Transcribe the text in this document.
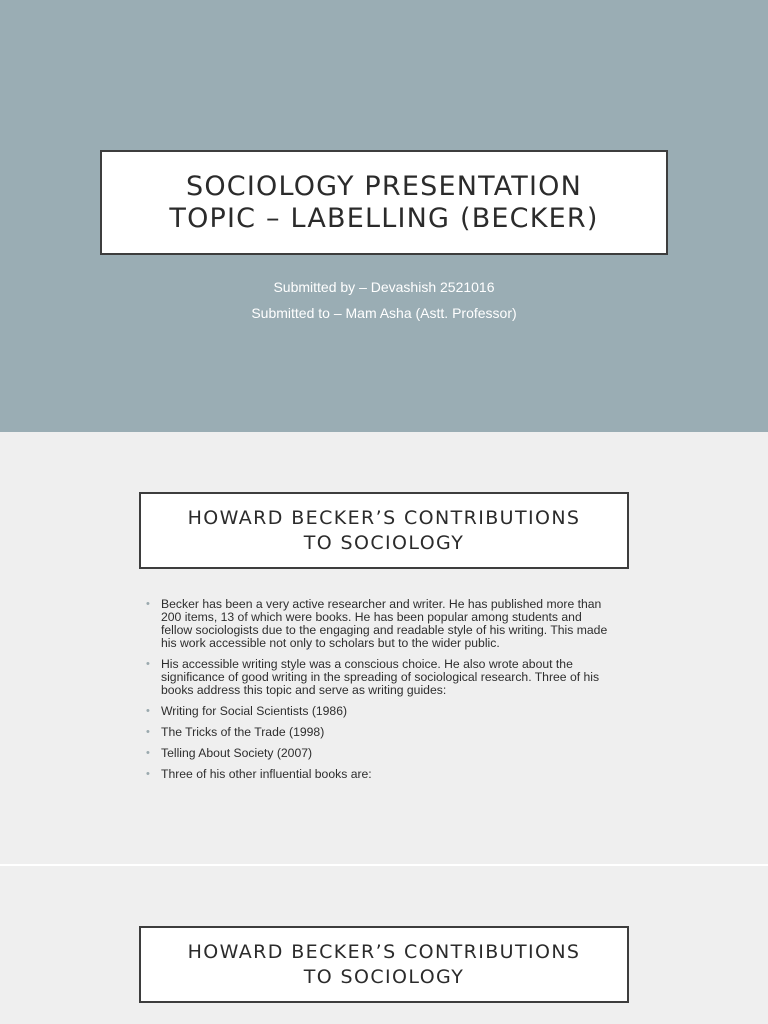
SOCIOLOGY PRESENTATION
TOPIC – LABELLING (BECKER)
Submitted by – Devashish 2521016
Submitted to – Mam Asha (Astt. Professor)
HOWARD BECKER’S CONTRIBUTIONS
TO SOCIOLOGY
• Becker has been a very active researcher and writer. He has published more than 200 items, 13 of which were books. He has been popular among students and fellow sociologists due to the engaging and readable style of his writing. This made his work accessible not only to scholars but to the wider public.
• His accessible writing style was a conscious choice. He also wrote about the significance of good writing in the spreading of sociological research. Three of his books address this topic and serve as writing guides:
• Writing for Social Scientists (1986)
• The Tricks of the Trade (1998)
• Telling About Society (2007)
• Three of his other influential books are:
HOWARD BECKER’S CONTRIBUTIONS
TO SOCIOLOGY
